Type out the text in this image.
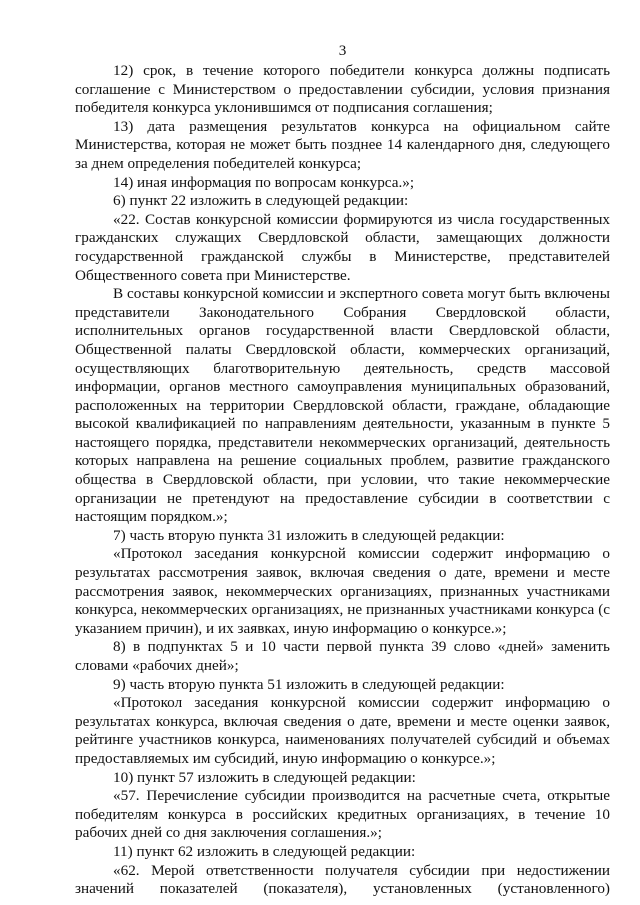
3

12) срок, в течение которого победители конкурса должны подписать соглашение с Министерством о предоставлении субсидии, условия признания победителя конкурса уклонившимся от подписания соглашения;

13) дата размещения результатов конкурса на официальном сайте Министерства, которая не может быть позднее 14 календарного дня, следующего за днем определения победителей конкурса;

14) иная информация по вопросам конкурса.»;

6) пункт 22 изложить в следующей редакции:

«22. Состав конкурсной комиссии формируются из числа государственных гражданских служащих Свердловской области, замещающих должности государственной гражданской службы в Министерстве, представителей Общественного совета при Министерстве.

В составы конкурсной комиссии и экспертного совета могут быть включены представители Законодательного Собрания Свердловской области, исполнительных органов государственной власти Свердловской области, Общественной палаты Свердловской области, коммерческих организаций, осуществляющих благотворительную деятельность, средств массовой информации, органов местного самоуправления муниципальных образований, расположенных на территории Свердловской области, граждане, обладающие высокой квалификацией по направлениям деятельности, указанным в пункте 5 настоящего порядка, представители некоммерческих организаций, деятельность которых направлена на решение социальных проблем, развитие гражданского общества в Свердловской области, при условии, что такие некоммерческие организации не претендуют на предоставление субсидии в соответствии с настоящим порядком.»;

7) часть вторую пункта 31 изложить в следующей редакции:

«Протокол заседания конкурсной комиссии содержит информацию о результатах рассмотрения заявок, включая сведения о дате, времени и месте рассмотрения заявок, некоммерческих организациях, признанных участниками конкурса, некоммерческих организациях, не признанных участниками конкурса (с указанием причин), и их заявках, иную информацию о конкурсе.»;

8) в подпунктах 5 и 10 части первой пункта 39 слово «дней» заменить словами «рабочих дней»;

9) часть вторую пункта 51 изложить в следующей редакции:

«Протокол заседания конкурсной комиссии содержит информацию о результатах конкурса, включая сведения о дате, времени и месте оценки заявок, рейтинге участников конкурса, наименованиях получателей субсидий и объемах предоставляемых им субсидий, иную информацию о конкурсе.»;

10) пункт 57 изложить в следующей редакции:

«57. Перечисление субсидии производится на расчетные счета, открытые победителям конкурса в российских кредитных организациях, в течение 10 рабочих дней со дня заключения соглашения.»;

11) пункт 62 изложить в следующей редакции:

«62. Мерой ответственности получателя субсидии при недостижении значений показателей (показателя), установленных (установленного)
